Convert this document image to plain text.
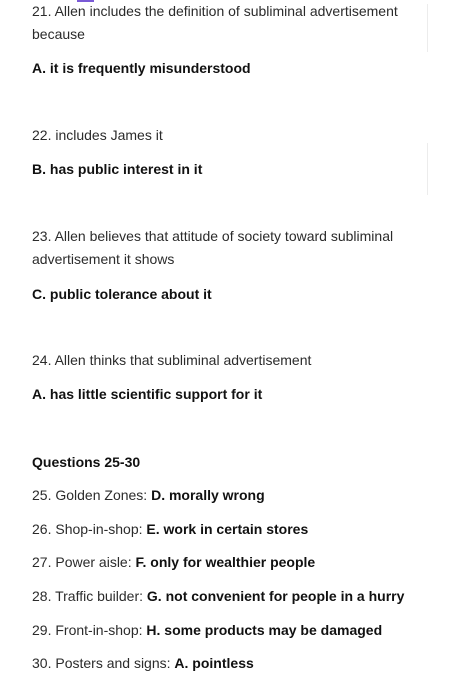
21. Allen includes the definition of subliminal advertisement because

A. it is frequently misunderstood

22. includes James it

B. has public interest in it

23. Allen believes that attitude of society toward subliminal advertisement it shows

C. public tolerance about it

24. Allen thinks that subliminal advertisement

A. has little scientific support for it

Questions 25-30

25. Golden Zones: D. morally wrong

26. Shop-in-shop: E. work in certain stores

27. Power aisle: F. only for wealthier people

28. Traffic builder: G. not convenient for people in a hurry

29. Front-in-shop: H. some products may be damaged

30. Posters and signs: A. pointless
